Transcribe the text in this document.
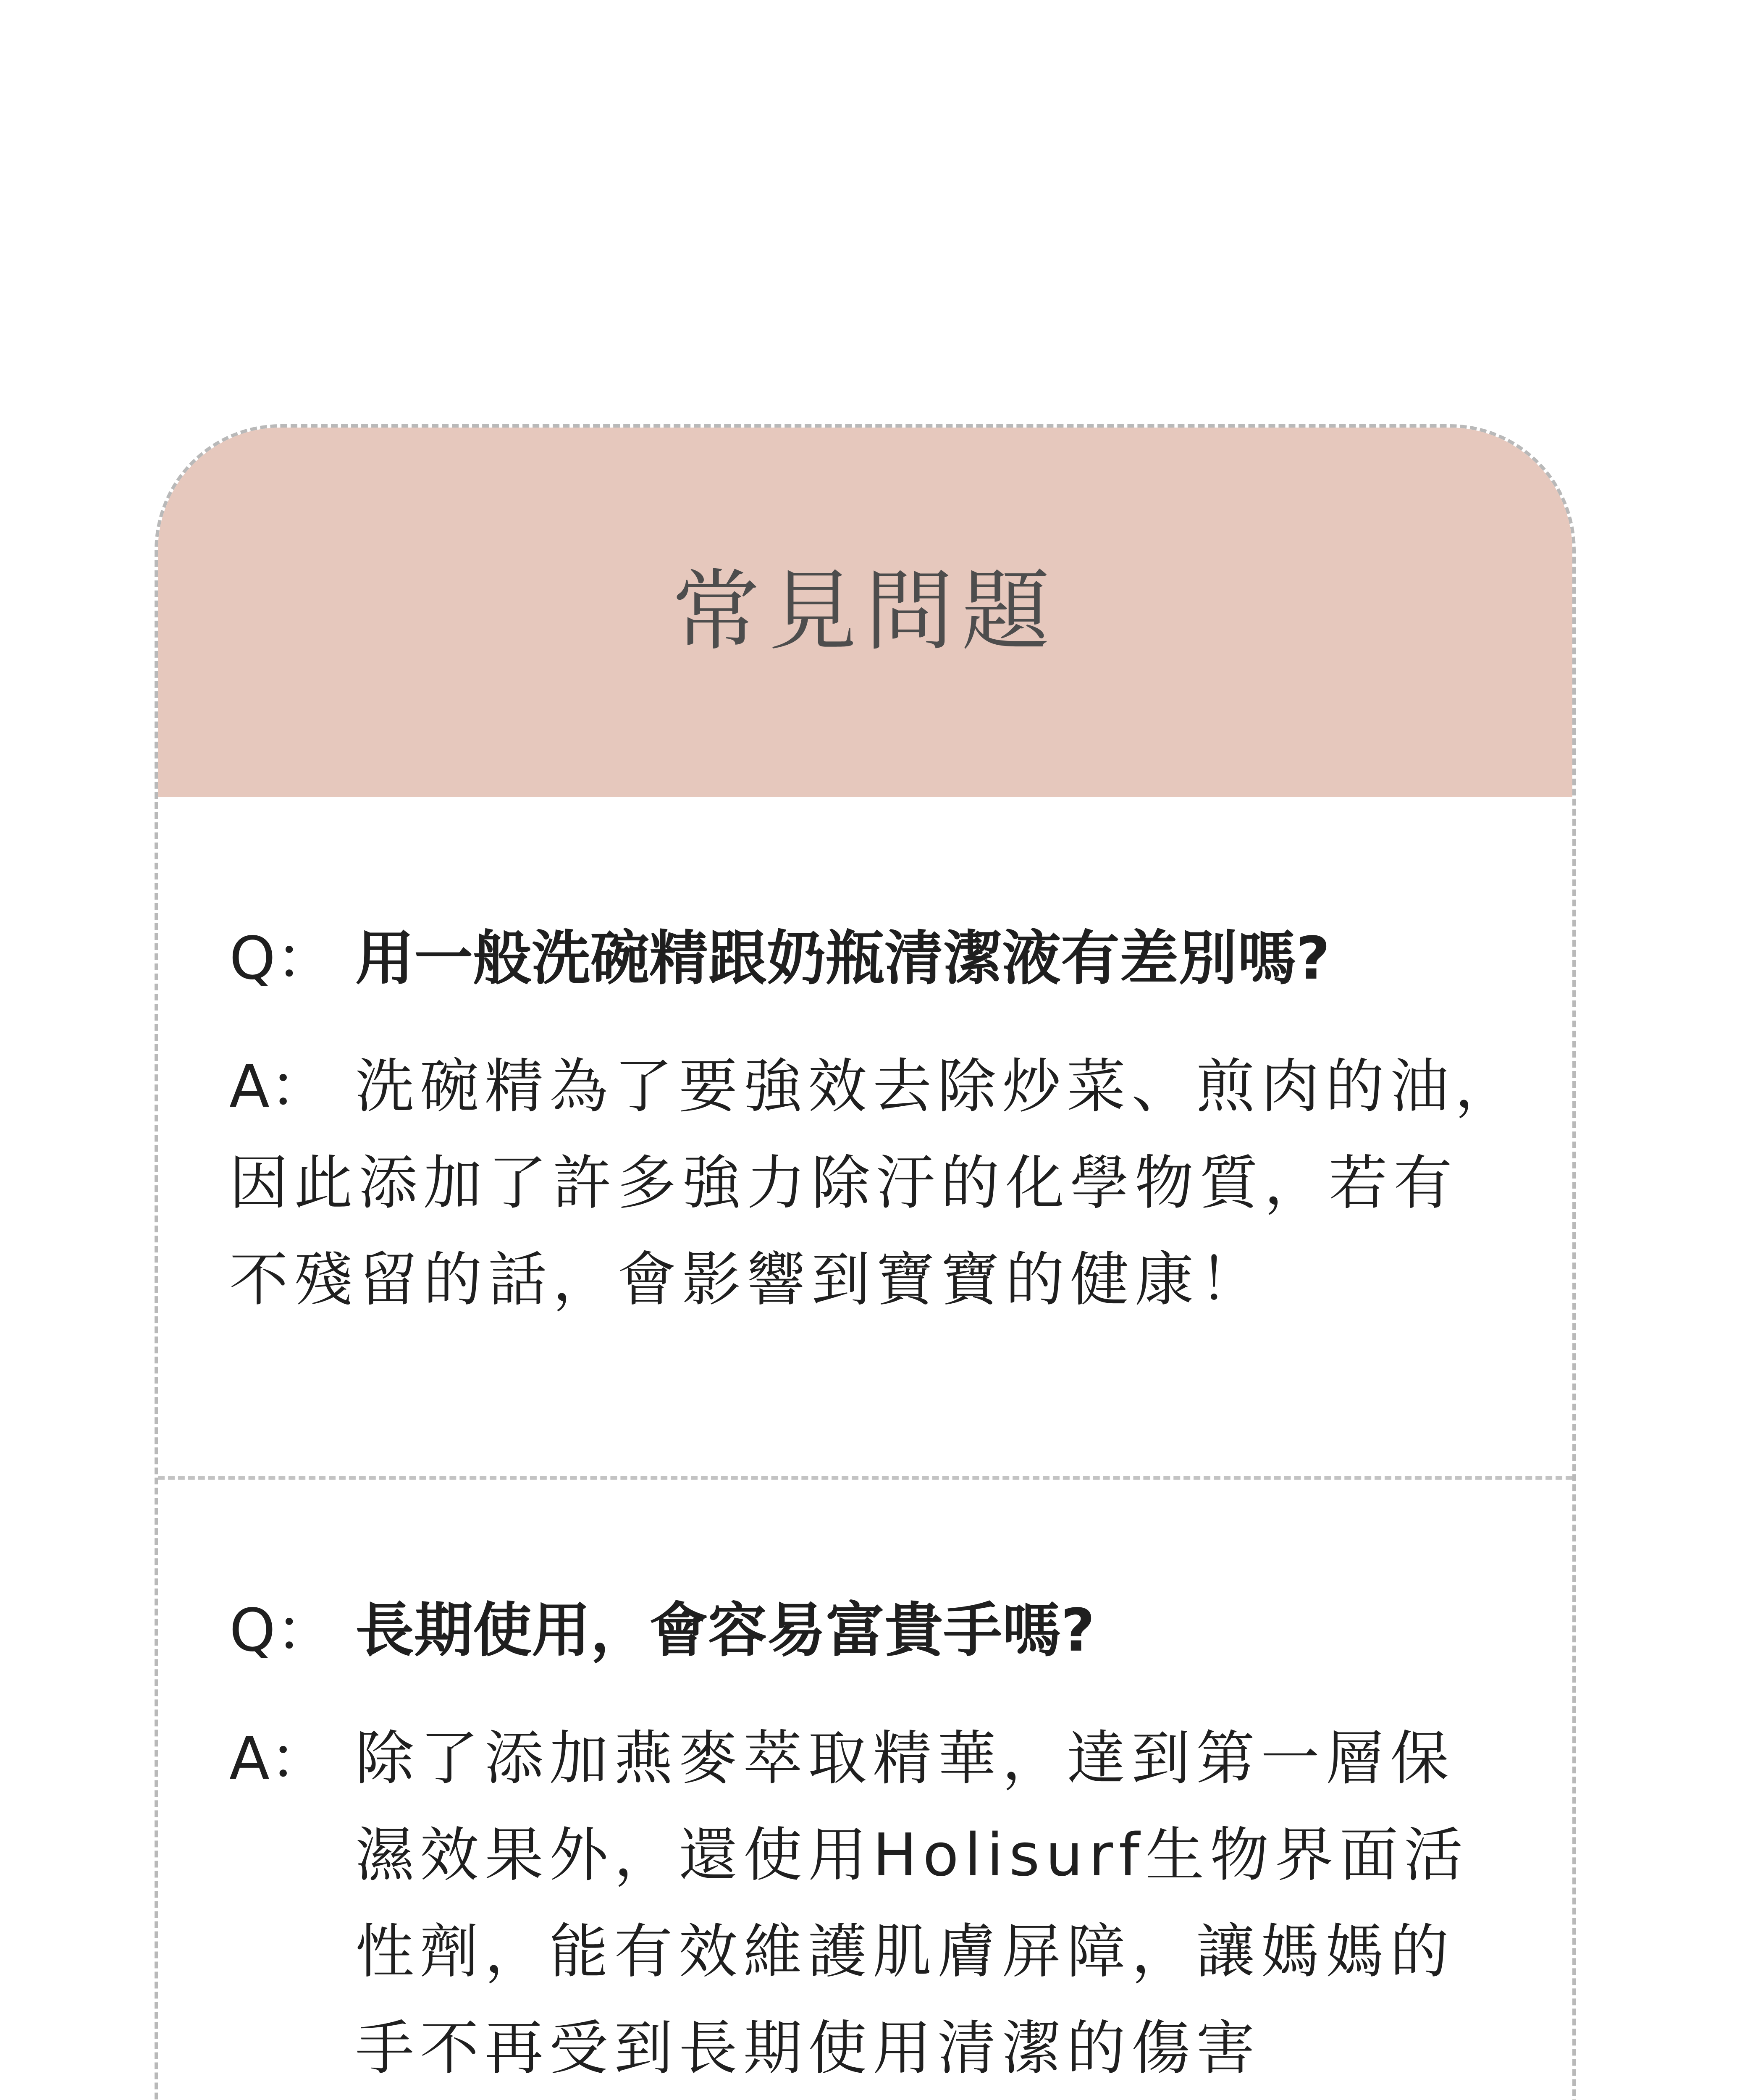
常見問題
Q： 用一般洗碗精跟奶瓶清潔液有差別嗎?
A： 洗碗精為了要強效去除炒菜、煎肉的油，
因此添加了許多強力除汙的化學物質，若有
不殘留的話，會影響到寶寶的健康！
Q： 長期使用，會容易富貴手嗎?
A： 除了添加燕麥萃取精華，達到第一層保
濕效果外，還使用Holisurf生物界面活
性劑，能有效維護肌膚屏障，讓媽媽的
手不再受到長期使用清潔的傷害
